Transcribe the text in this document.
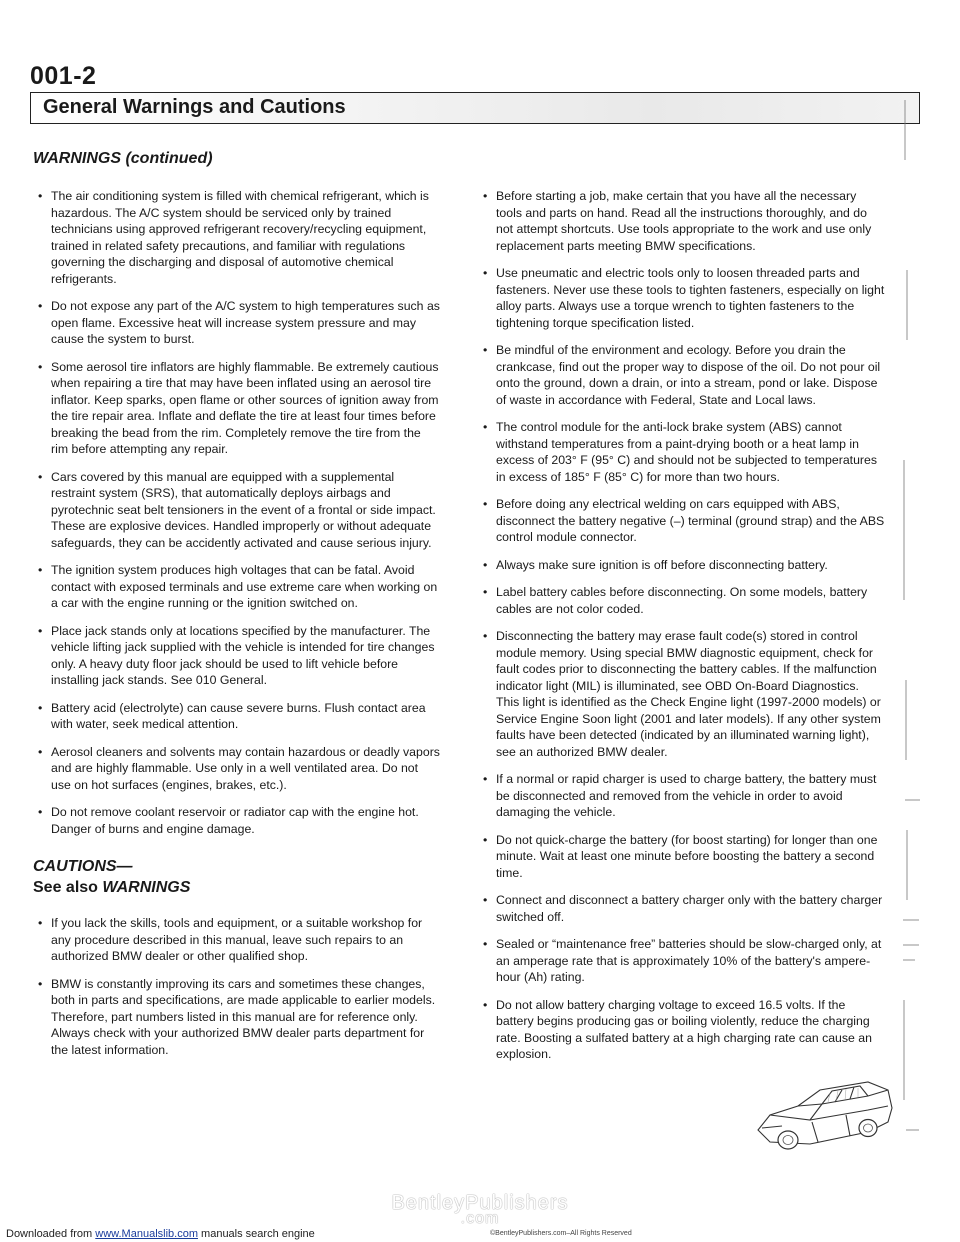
001-2
General Warnings and Cautions
WARNINGS (continued)
• The air conditioning system is filled with chemical refrigerant, which is hazardous. The A/C system should be serviced only by trained technicians using approved refrigerant recovery/recycling equipment, trained in related safety precautions, and familiar with regulations governing the discharging and disposal of automotive chemical refrigerants.
• Do not expose any part of the A/C system to high temperatures such as open flame. Excessive heat will increase system pressure and may cause the system to burst.
• Some aerosol tire inflators are highly flammable. Be extremely cautious when repairing a tire that may have been inflated using an aerosol tire inflator. Keep sparks, open flame or other sources of ignition away from the tire repair area. Inflate and deflate the tire at least four times before breaking the bead from the rim. Completely remove the tire from the rim before attempting any repair.
• Cars covered by this manual are equipped with a supplemental restraint system (SRS), that automatically deploys airbags and pyrotechnic seat belt tensioners in the event of a frontal or side impact. These are explosive devices. Handled improperly or without adequate safeguards, they can be accidently activated and cause serious injury.
• The ignition system produces high voltages that can be fatal. Avoid contact with exposed terminals and use extreme care when working on a car with the engine running or the ignition switched on.
• Place jack stands only at locations specified by the manufacturer. The vehicle lifting jack supplied with the vehicle is intended for tire changes only. A heavy duty floor jack should be used to lift vehicle before installing jack stands. See 010 General.
• Battery acid (electrolyte) can cause severe burns. Flush contact area with water, seek medical attention.
• Aerosol cleaners and solvents may contain hazardous or deadly vapors and are highly flammable. Use only in a well ventilated area. Do not use on hot surfaces (engines, brakes, etc.).
• Do not remove coolant reservoir or radiator cap with the engine hot. Danger of burns and engine damage.
CAUTIONS—
See also WARNINGS
• If you lack the skills, tools and equipment, or a suitable workshop for any procedure described in this manual, leave such repairs to an authorized BMW dealer or other qualified shop.
• BMW is constantly improving its cars and sometimes these changes, both in parts and specifications, are made applicable to earlier models. Therefore, part numbers listed in this manual are for reference only. Always check with your authorized BMW dealer parts department for the latest information.
• Before starting a job, make certain that you have all the necessary tools and parts on hand. Read all the instructions thoroughly, and do not attempt shortcuts. Use tools appropriate to the work and use only replacement parts meeting BMW specifications.
• Use pneumatic and electric tools only to loosen threaded parts and fasteners. Never use these tools to tighten fasteners, especially on light alloy parts. Always use a torque wrench to tighten fasteners to the tightening torque specification listed.
• Be mindful of the environment and ecology. Before you drain the crankcase, find out the proper way to dispose of the oil. Do not pour oil onto the ground, down a drain, or into a stream, pond or lake. Dispose of waste in accordance with Federal, State and Local laws.
• The control module for the anti-lock brake system (ABS) cannot withstand temperatures from a paint-drying booth or a heat lamp in excess of 203° F (95° C) and should not be subjected to temperatures in excess of 185° F (85° C) for more than two hours.
• Before doing any electrical welding on cars equipped with ABS, disconnect the battery negative (–) terminal (ground strap) and the ABS control module connector.
• Always make sure ignition is off before disconnecting battery.
• Label battery cables before disconnecting. On some models, battery cables are not color coded.
• Disconnecting the battery may erase fault code(s) stored in control module memory. Using special BMW diagnostic equipment, check for fault codes prior to disconnecting the battery cables. If the malfunction indicator light (MIL) is illuminated, see OBD On-Board Diagnostics. This light is identified as the Check Engine light (1997-2000 models) or Service Engine Soon light (2001 and later models). If any other system faults have been detected (indicated by an illuminated warning light), see an authorized BMW dealer.
• If a normal or rapid charger is used to charge battery, the battery must be disconnected and removed from the vehicle in order to avoid damaging the vehicle.
• Do not quick-charge the battery (for boost starting) for longer than one minute. Wait at least one minute before boosting the battery a second time.
• Connect and disconnect a battery charger only with the battery charger switched off.
• Sealed or “maintenance free” batteries should be slow-charged only, at an amperage rate that is approximately 10% of the battery's ampere-hour (Ah) rating.
• Do not allow battery charging voltage to exceed 16.5 volts. If the battery begins producing gas or boiling violently, reduce the charging rate. Boosting a sulfated battery at a high charging rate can cause an explosion.
BentleyPublishers
.com
Downloaded from www.Manualslib.com manuals search engine	©BentleyPublishers.com–All Rights Reserved
